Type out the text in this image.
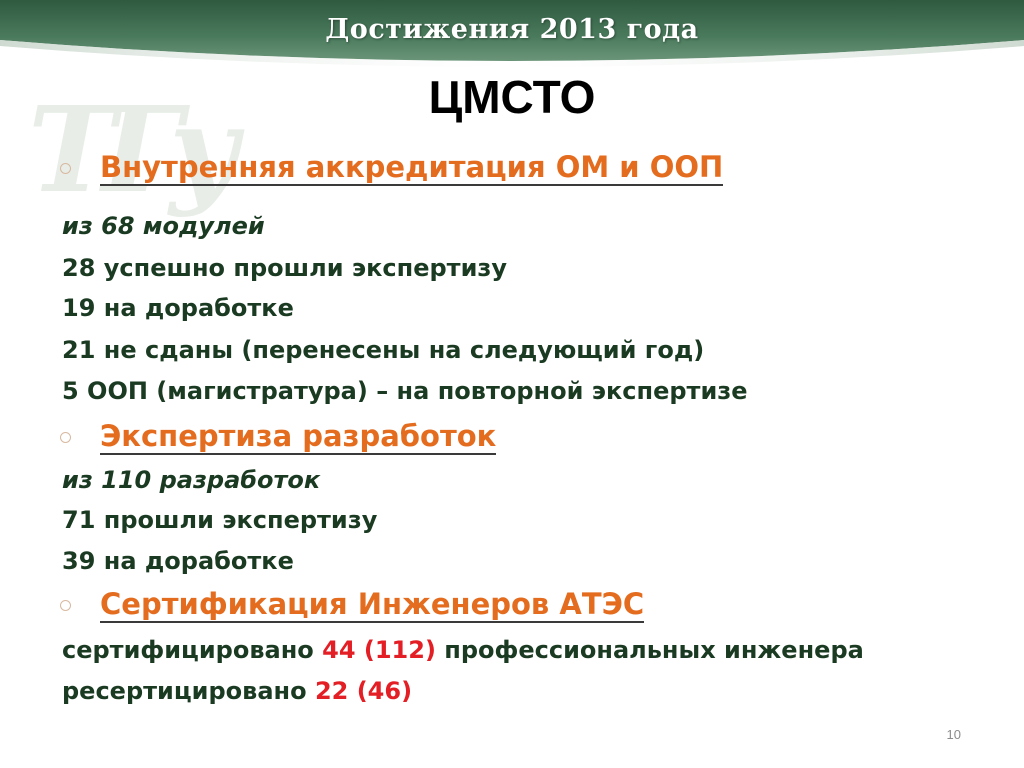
Достижения 2013 года
ТГу	ЦМСТО
Внутренняя аккредитация ОМ и ООП
из 68 модулей
28 успешно прошли экспертизу
19 на доработке
21 не сданы (перенесены на следующий год)
5 ООП (магистратура) – на повторной экспертизе
Экспертиза разработок
из 110 разработок
71 прошли экспертизу
39 на доработке
Сертификация Инженеров АТЭС
сертифицировано 44 (112) профессиональных инженера
ресертицировано 22 (46)
10
